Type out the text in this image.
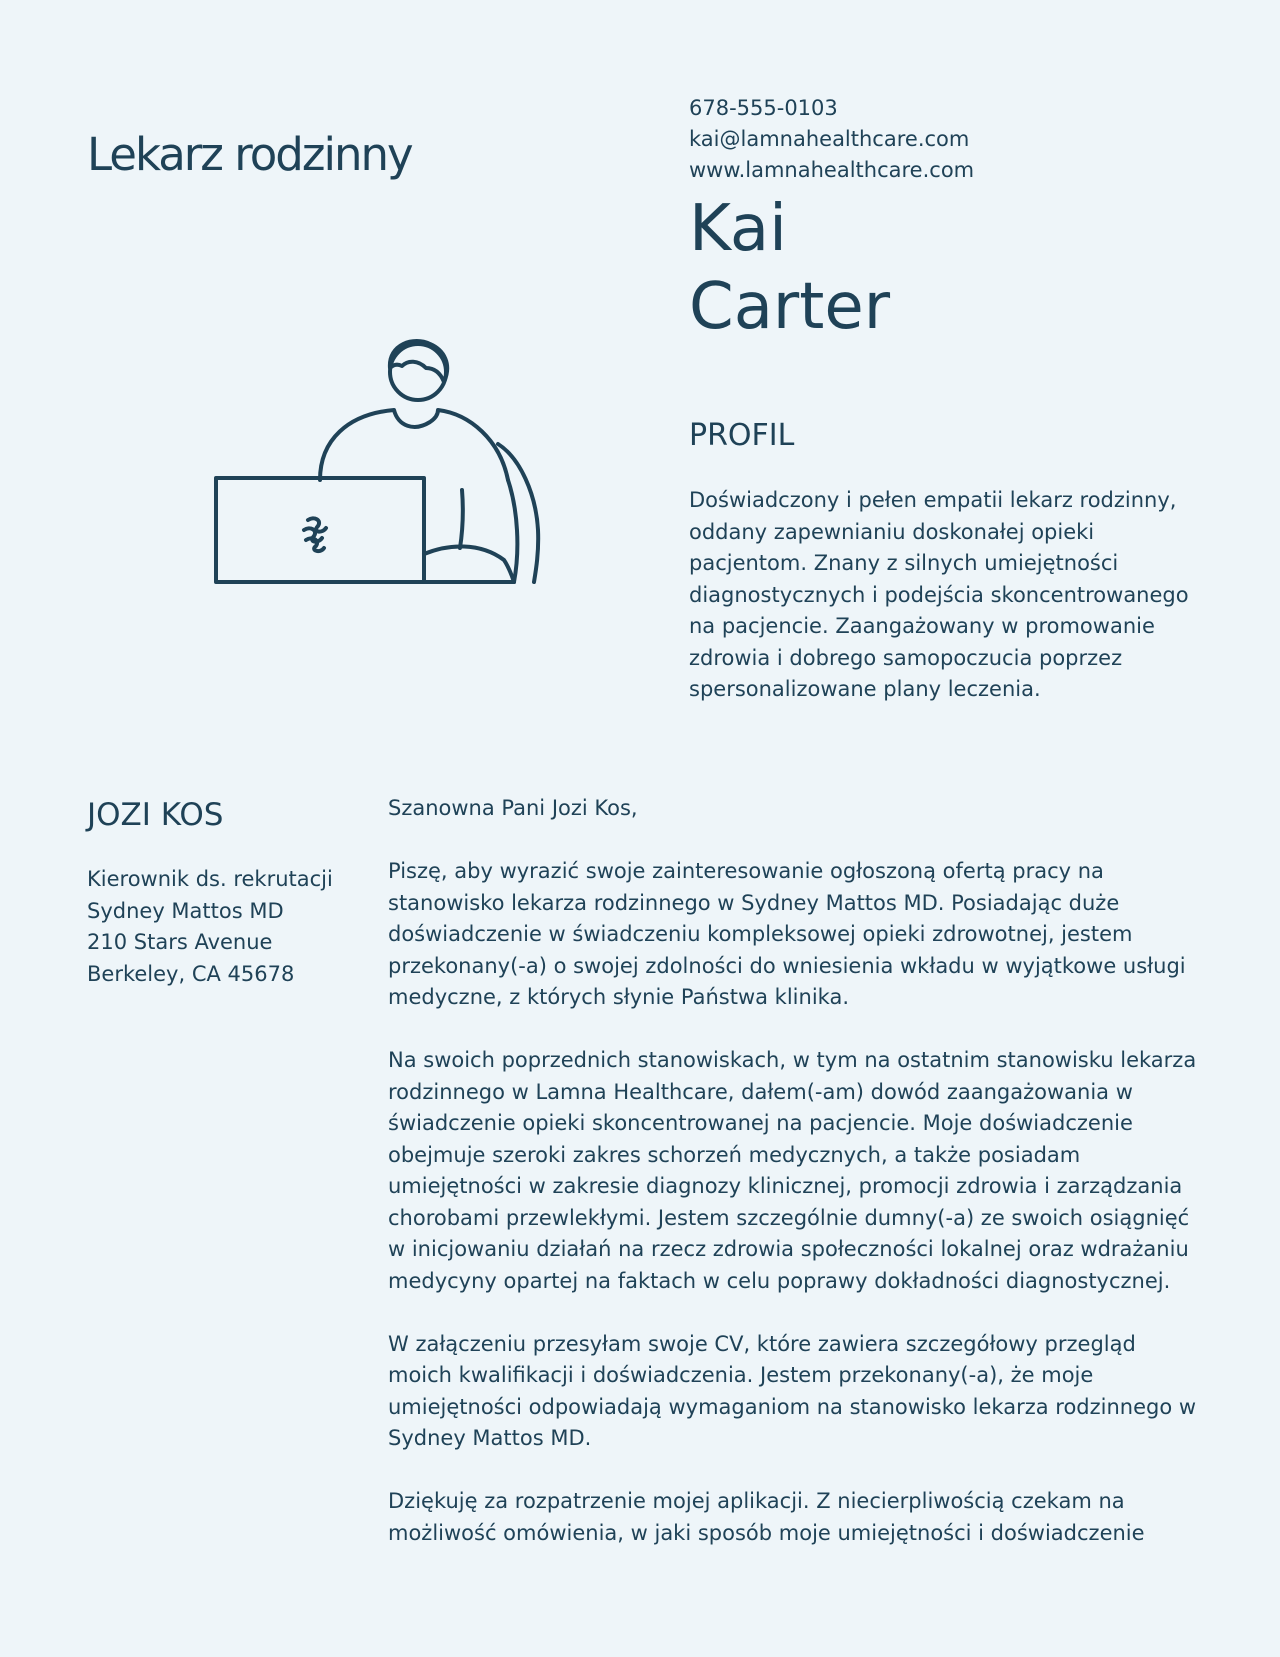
Lekarz rodzinny
678-555-0103
kai@lamnahealthcare.com
www.lamnahealthcare.com
Kai
Carter
PROFIL

Doświadczony i pełen empatii lekarz rodzinny, oddany zapewnianiu doskonałej opieki pacjentom. Znany z silnych umiejętności diagnostycznych i podejścia skoncentrowanego na pacjencie. Zaangażowany w promowanie zdrowia i dobrego samopoczucia poprzez spersonalizowane plany leczenia.

JOZI KOS
Kierownik ds. rekrutacji
Sydney Mattos MD
210 Stars Avenue
Berkeley, CA 45678

Szanowna Pani Jozi Kos,

Piszę, aby wyrazić swoje zainteresowanie ogłoszoną ofertą pracy na stanowisko lekarza rodzinnego w Sydney Mattos MD. Posiadając duże doświadczenie w świadczeniu kompleksowej opieki zdrowotnej, jestem przekonany(-a) o swojej zdolności do wniesienia wkładu w wyjątkowe usługi medyczne, z których słynie Państwa klinika.

Na swoich poprzednich stanowiskach, w tym na ostatnim stanowisku lekarza rodzinnego w Lamna Healthcare, dałem(-am) dowód zaangażowania w świadczenie opieki skoncentrowanej na pacjencie. Moje doświadczenie obejmuje szeroki zakres schorzeń medycznych, a także posiadam umiejętności w zakresie diagnozy klinicznej, promocji zdrowia i zarządzania chorobami przewlekłymi. Jestem szczególnie dumny(-a) ze swoich osiągnięć w inicjowaniu działań na rzecz zdrowia społeczności lokalnej oraz wdrażaniu medycyny opartej na faktach w celu poprawy dokładności diagnostycznej.

W załączeniu przesyłam swoje CV, które zawiera szczegółowy przegląd moich kwalifikacji i doświadczenia. Jestem przekonany(-a), że moje umiejętności odpowiadają wymaganiom na stanowisko lekarza rodzinnego w Sydney Mattos MD.

Dziękuję za rozpatrzenie mojej aplikacji. Z niecierpliwością czekam na możliwość omówienia, w jaki sposób moje umiejętności i doświadczenie
